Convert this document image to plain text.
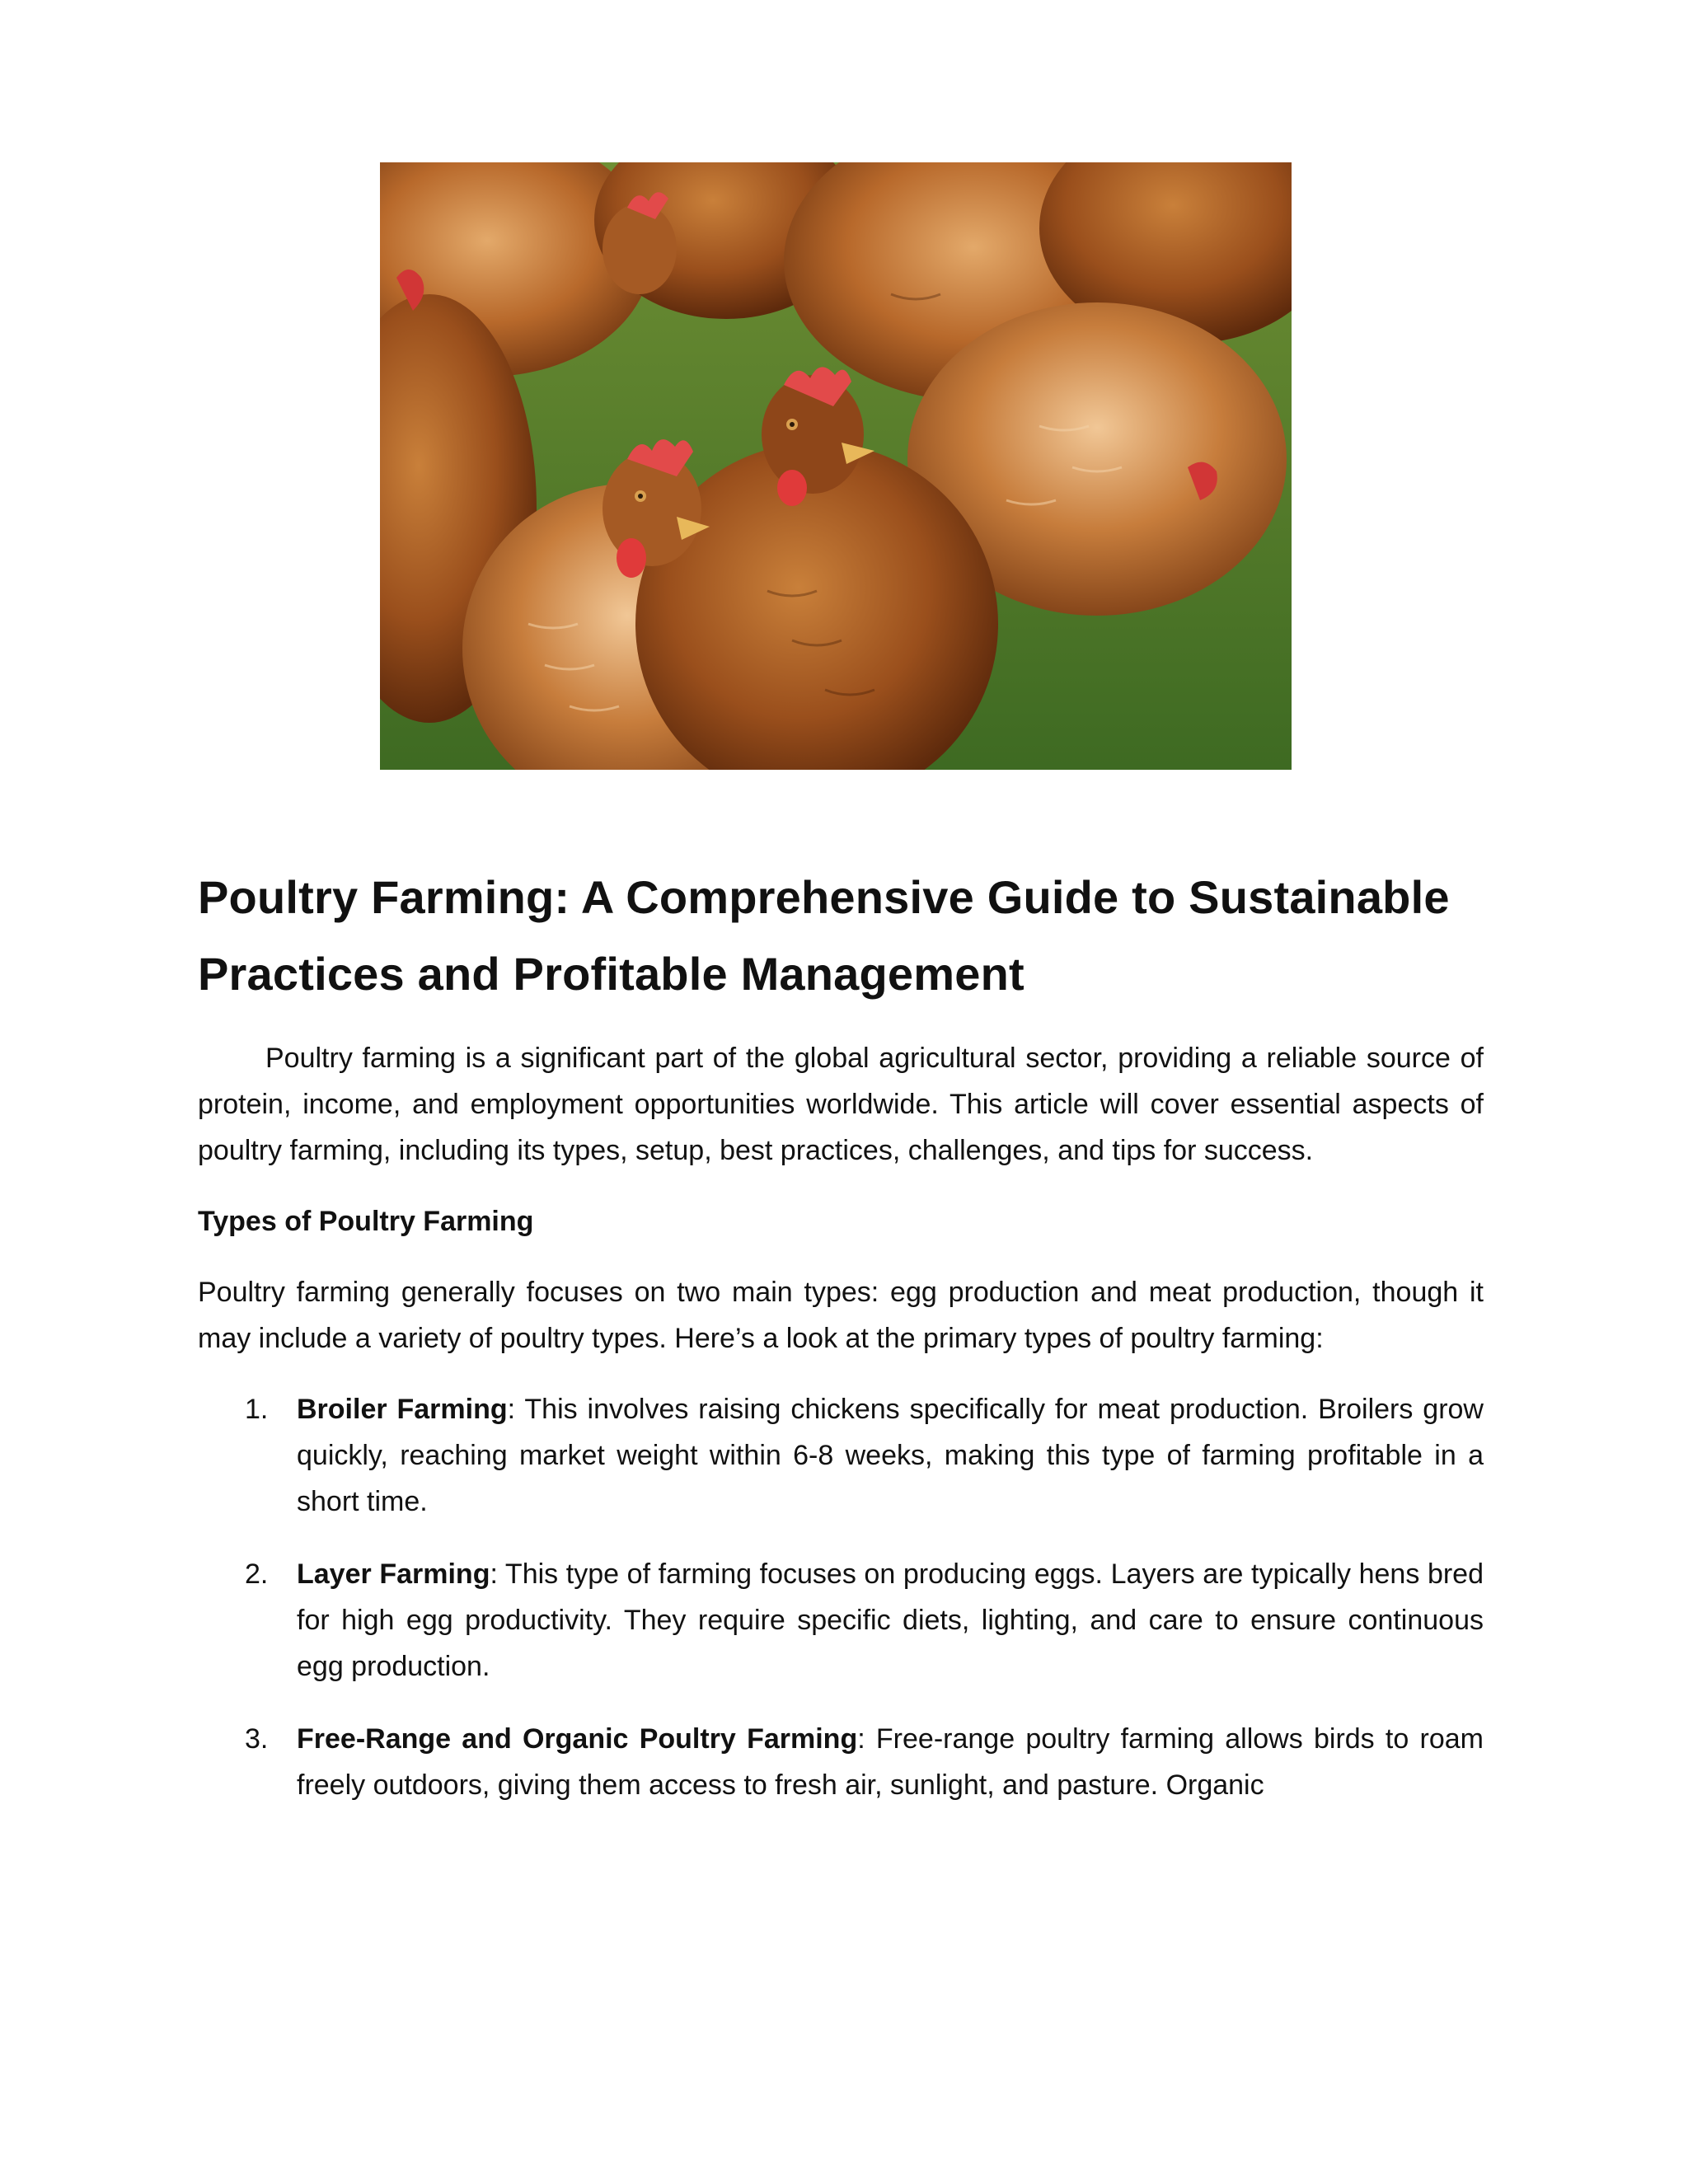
Poultry Farming: A Comprehensive Guide to Sustainable Practices and Profitable Management

Poultry farming is a significant part of the global agricultural sector, providing a reliable source of protein, income, and employment opportunities worldwide. This article will cover essential aspects of poultry farming, including its types, setup, best practices, challenges, and tips for success.

Types of Poultry Farming

Poultry farming generally focuses on two main types: egg production and meat production, though it may include a variety of poultry types. Here’s a look at the primary types of poultry farming:

1. Broiler Farming: This involves raising chickens specifically for meat production. Broilers grow quickly, reaching market weight within 6-8 weeks, making this type of farming profitable in a short time.
2. Layer Farming: This type of farming focuses on producing eggs. Layers are typically hens bred for high egg productivity. They require specific diets, lighting, and care to ensure continuous egg production.
3. Free-Range and Organic Poultry Farming: Free-range poultry farming allows birds to roam freely outdoors, giving them access to fresh air, sunlight, and pasture. Organic
